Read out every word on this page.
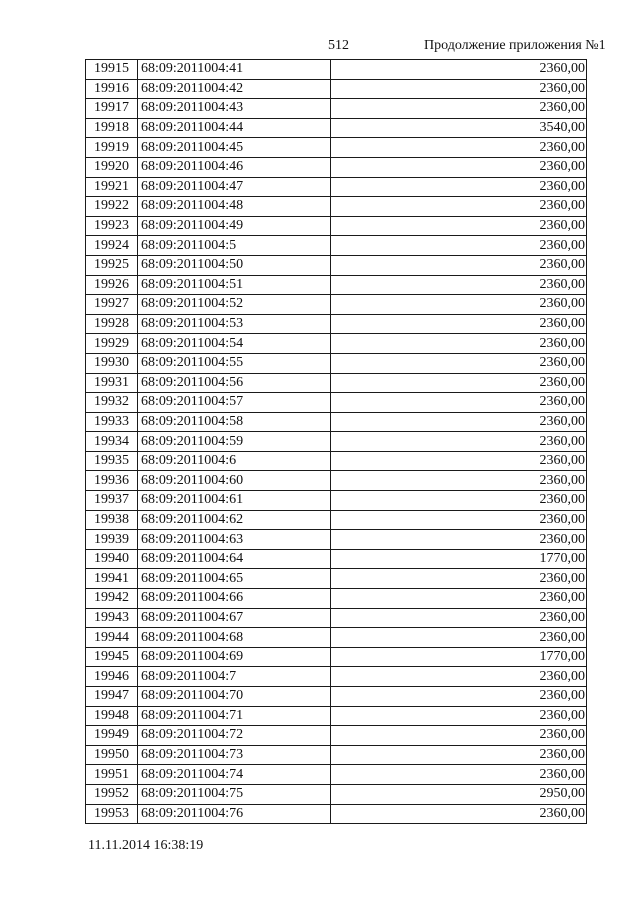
512	Продолжение приложения №1
19915	68:09:2011004:41	2360,00
19916	68:09:2011004:42	2360,00
19917	68:09:2011004:43	2360,00
19918	68:09:2011004:44	3540,00
19919	68:09:2011004:45	2360,00
19920	68:09:2011004:46	2360,00
19921	68:09:2011004:47	2360,00
19922	68:09:2011004:48	2360,00
19923	68:09:2011004:49	2360,00
19924	68:09:2011004:5	2360,00
19925	68:09:2011004:50	2360,00
19926	68:09:2011004:51	2360,00
19927	68:09:2011004:52	2360,00
19928	68:09:2011004:53	2360,00
19929	68:09:2011004:54	2360,00
19930	68:09:2011004:55	2360,00
19931	68:09:2011004:56	2360,00
19932	68:09:2011004:57	2360,00
19933	68:09:2011004:58	2360,00
19934	68:09:2011004:59	2360,00
19935	68:09:2011004:6	2360,00
19936	68:09:2011004:60	2360,00
19937	68:09:2011004:61	2360,00
19938	68:09:2011004:62	2360,00
19939	68:09:2011004:63	2360,00
19940	68:09:2011004:64	1770,00
19941	68:09:2011004:65	2360,00
19942	68:09:2011004:66	2360,00
19943	68:09:2011004:67	2360,00
19944	68:09:2011004:68	2360,00
19945	68:09:2011004:69	1770,00
19946	68:09:2011004:7	2360,00
19947	68:09:2011004:70	2360,00
19948	68:09:2011004:71	2360,00
19949	68:09:2011004:72	2360,00
19950	68:09:2011004:73	2360,00
19951	68:09:2011004:74	2360,00
19952	68:09:2011004:75	2950,00
19953	68:09:2011004:76	2360,00
11.11.2014 16:38:19
